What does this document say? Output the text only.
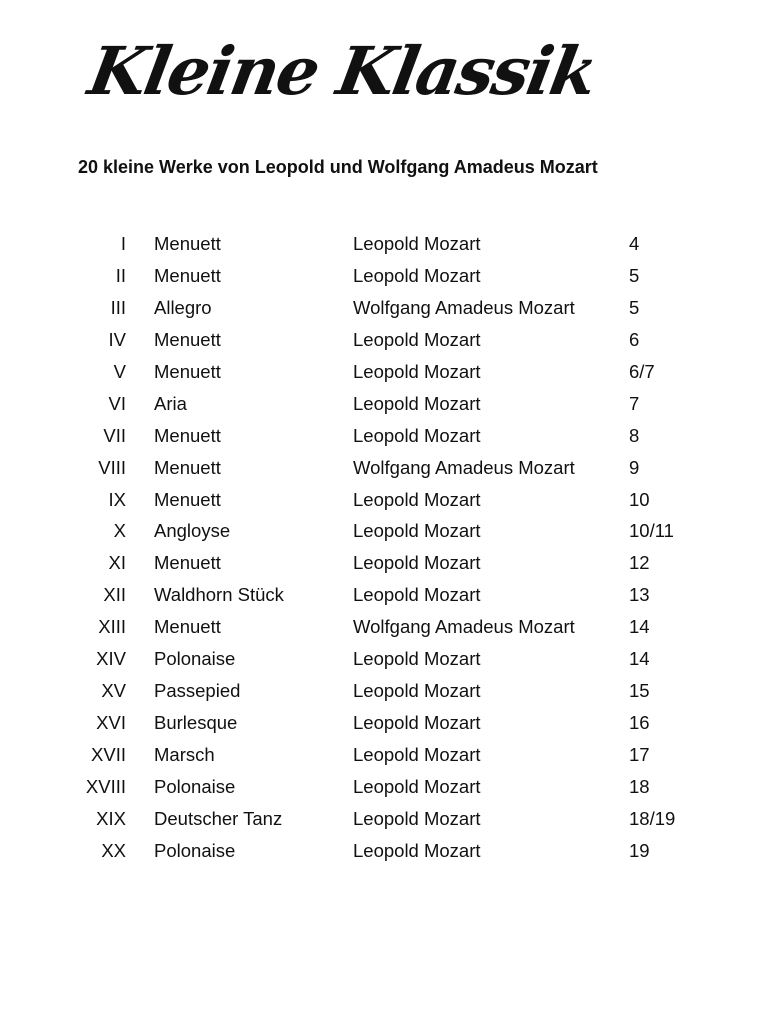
Kleine Klassik
20 kleine Werke von Leopold und Wolfgang Amadeus Mozart
I Menuett	Leopold Mozart	4
II Menuett	Leopold Mozart	5
III Allegro	Wolfgang Amadeus Mozart	5
IV Menuett	Leopold Mozart	6
V Menuett	Leopold Mozart	6/7
VI Aria	Leopold Mozart	7
VII Menuett	Leopold Mozart	8
VIII Menuett	Wolfgang Amadeus Mozart	9
IX Menuett	Leopold Mozart	10
X Angloyse	Leopold Mozart	10/11
XI Menuett	Leopold Mozart	12
XII Waldhorn Stück	Leopold Mozart	13
XIII Menuett	Wolfgang Amadeus Mozart	14
XIV Polonaise	Leopold Mozart	14
XV Passepied	Leopold Mozart	15
XVI Burlesque	Leopold Mozart	16
XVII Marsch	Leopold Mozart	17
XVIII Polonaise	Leopold Mozart	18
XIX Deutscher Tanz	Leopold Mozart	18/19
XX Polonaise	Leopold Mozart	19
